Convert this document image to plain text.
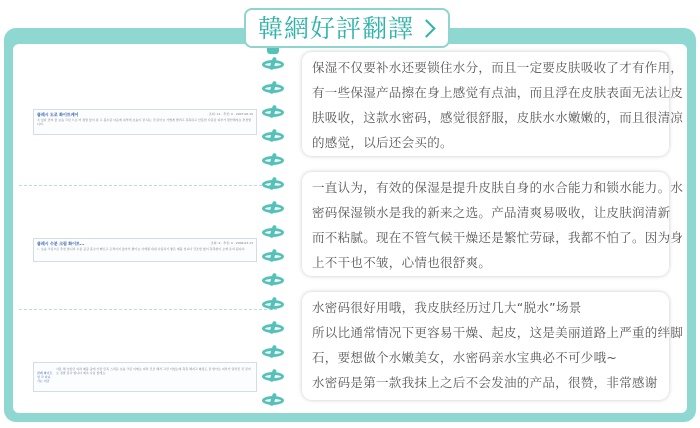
韓網好評翻譯
클레시 도로 화이트케어	· 조회: 11 · 추천: 0 · 2007.06.10
수 있다 먼저 물 보습 크림 으로 마 정말 물이 살 고 흡수된 다음에 피부에 보습이 잘 되는 것 같아요 가볍게 발리고 촉촉하고 산뜻한 사용감 피부가 편안해져요 추천합니다.
클레시 수분 크림 화이트...	· 조회: 9 · 추천: 0 · 2006.03.13
ㄴ 보습 크림으로 추천 합니다 수분 공급 흡수가 빠르고 끈적이지 않아서 좋아요 사계절 내내 사용하기 좋은 제품 입니다 건조함 없이 촉촉함이 오래 유지 됩니다.
클레 화이트닝 크 다니 기는 지금
사용 해 보았던 여러 제품 중에 가장 만족 스러운 보습 크림 이에요 피부 건조 해서 고민 이었는데 촉촉 해지고 화장도 잘 받아요 피부가 달라진 것 같아요 정말 감사 합니다 계속 사용 할게요.

保湿不仅要补水还要锁住水分，而且一定要皮肤吸收了才有作用，

有一些保湿产品擦在身上感觉有点油，而且浮在皮肤表面无法让皮

肤吸收，这款水密码，感觉很舒服，皮肤水水嫩嫩的，而且很清凉

的感觉，以后还会买的。

一直认为，有效的保湿是提升皮肤自身的水合能力和锁水能力。水

密码保湿锁水是我的新来之选。产品清爽易吸收，让皮肤润清新

而不粘腻。现在不管气候干燥还是繁忙劳碌，我都不怕了。因为身

上不干也不皱，心情也很舒爽。

水密码很好用哦，我皮肤经历过几大“脱水”场景

所以比通常情况下更容易干燥、起皮，这是美丽道路上严重的绊脚

石，要想做个水嫩美女，水密码亲水宝典必不可少哦~

水密码是第一款我抹上之后不会发油的产品，很赞，非常感谢
